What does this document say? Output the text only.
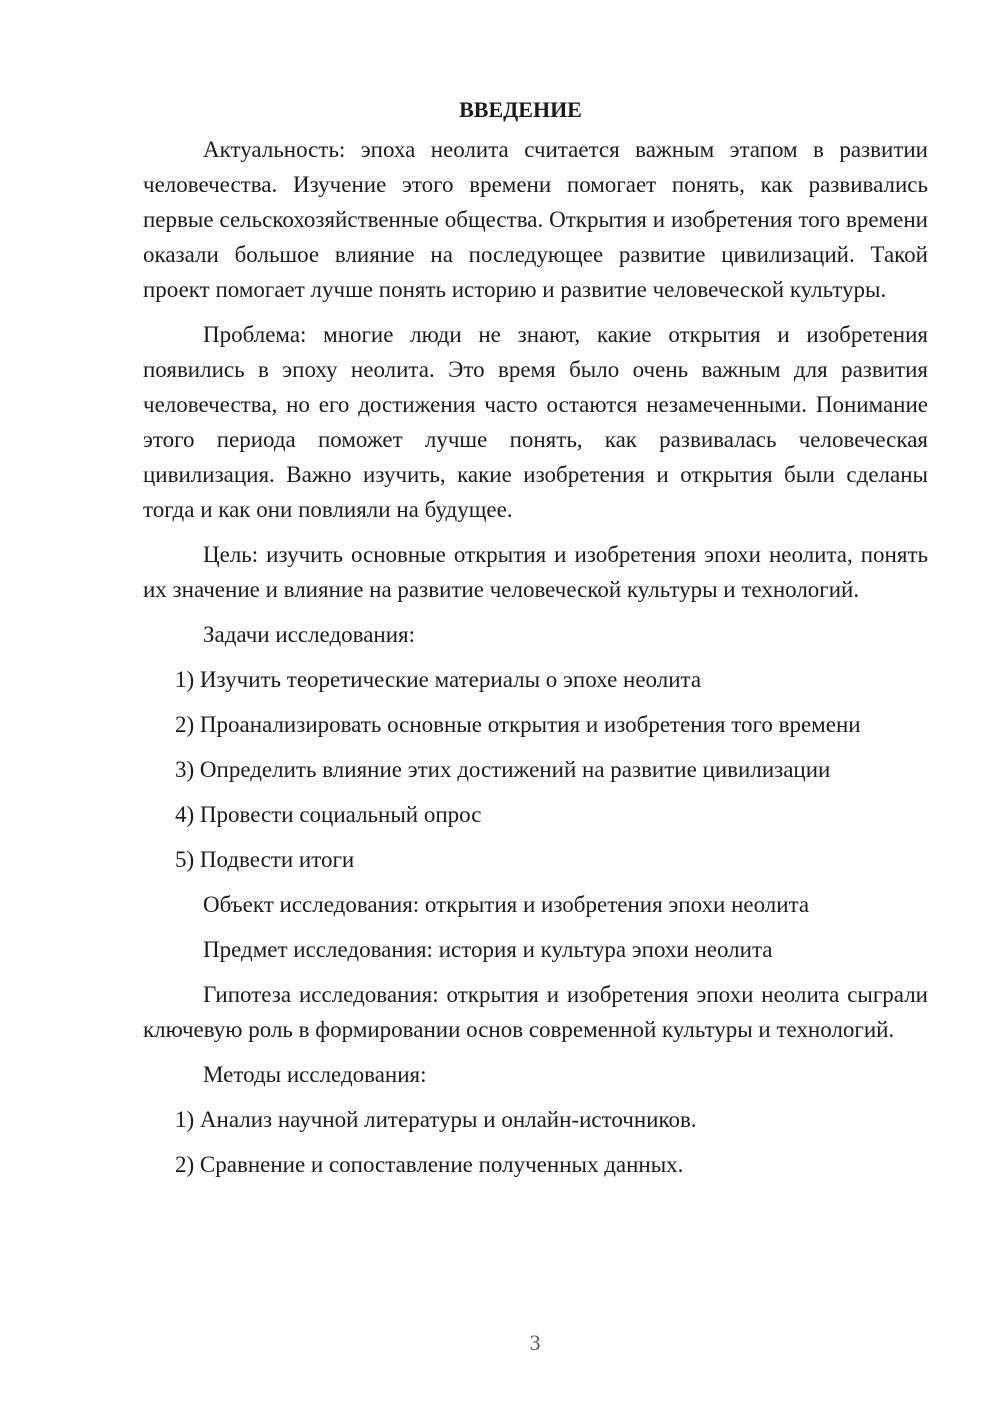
ВВЕДЕНИЕ

Актуальность: эпоха неолита считается важным этапом в развитии человечества. Изучение этого времени помогает понять, как развивались первые сельскохозяйственные общества. Открытия и изобретения того времени оказали большое влияние на последующее развитие цивилизаций. Такой проект помогает лучше понять историю и развитие человеческой культуры.

Проблема: многие люди не знают, какие открытия и изобретения появились в эпоху неолита. Это время было очень важным для развития человечества, но его достижения часто остаются незамеченными. Понимание этого периода поможет лучше понять, как развивалась человеческая цивилизация. Важно изучить, какие изобретения и открытия были сделаны тогда и как они повлияли на будущее.

Цель: изучить основные открытия и изобретения эпохи неолита, понять их значение и влияние на развитие человеческой культуры и технологий.

Задачи исследования:

1) Изучить теоретические материалы о эпохе неолита

2) Проанализировать основные открытия и изобретения того времени

3) Определить влияние этих достижений на развитие цивилизации

4) Провести социальный опрос

5) Подвести итоги

Объект исследования: открытия и изобретения эпохи неолита

Предмет исследования: история и культура эпохи неолита

Гипотеза исследования: открытия и изобретения эпохи неолита сыграли ключевую роль в формировании основ современной культуры и технологий.

Методы исследования:

1) Анализ научной литературы и онлайн-источников.

2) Сравнение и сопоставление полученных данных.

3
